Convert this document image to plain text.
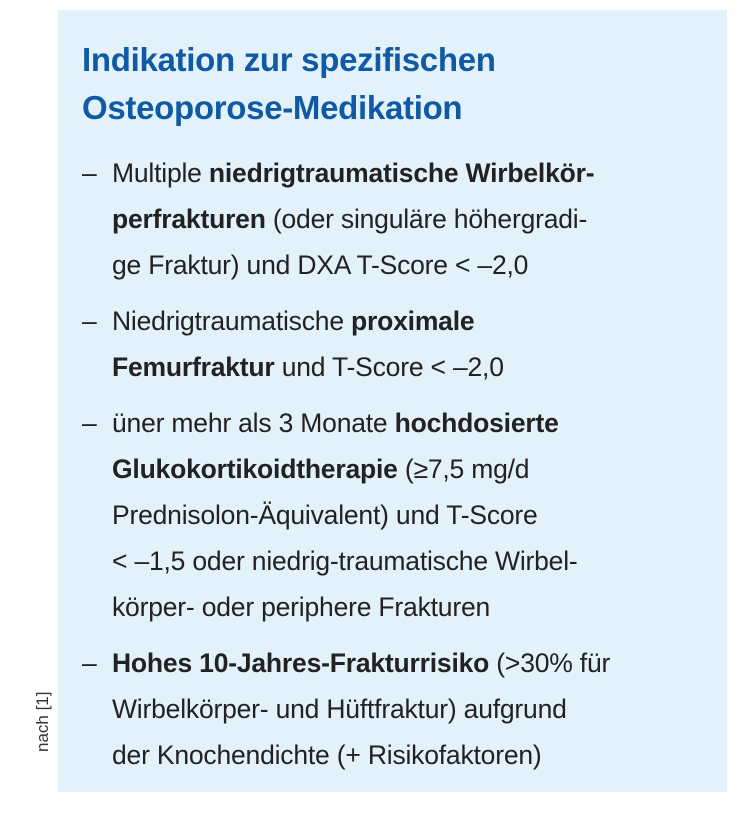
Indikation zur spezifischen
Osteoporose-Medikation
– Multiple niedrigtraumatische Wirbelkör-
perfrakturen (oder singuläre höhergradi-
ge Fraktur) und DXA T-Score < –2,0
– Niedrigtraumatische proximale
Femurfraktur und T-Score < –2,0
– üner mehr als 3 Monate hochdosierte
Glukokortikoidtherapie (≥7,5 mg/d
Prednisolon-Äquivalent) und T-Score
< –1,5 oder niedrig-traumatische Wirbel-
körper- oder periphere Frakturen
– Hohes 10-Jahres-Frakturrisiko (>30% für
Wirbelkörper- und Hüftfraktur) aufgrund
der Knochendichte (+ Risikofaktoren)
nach [1]
